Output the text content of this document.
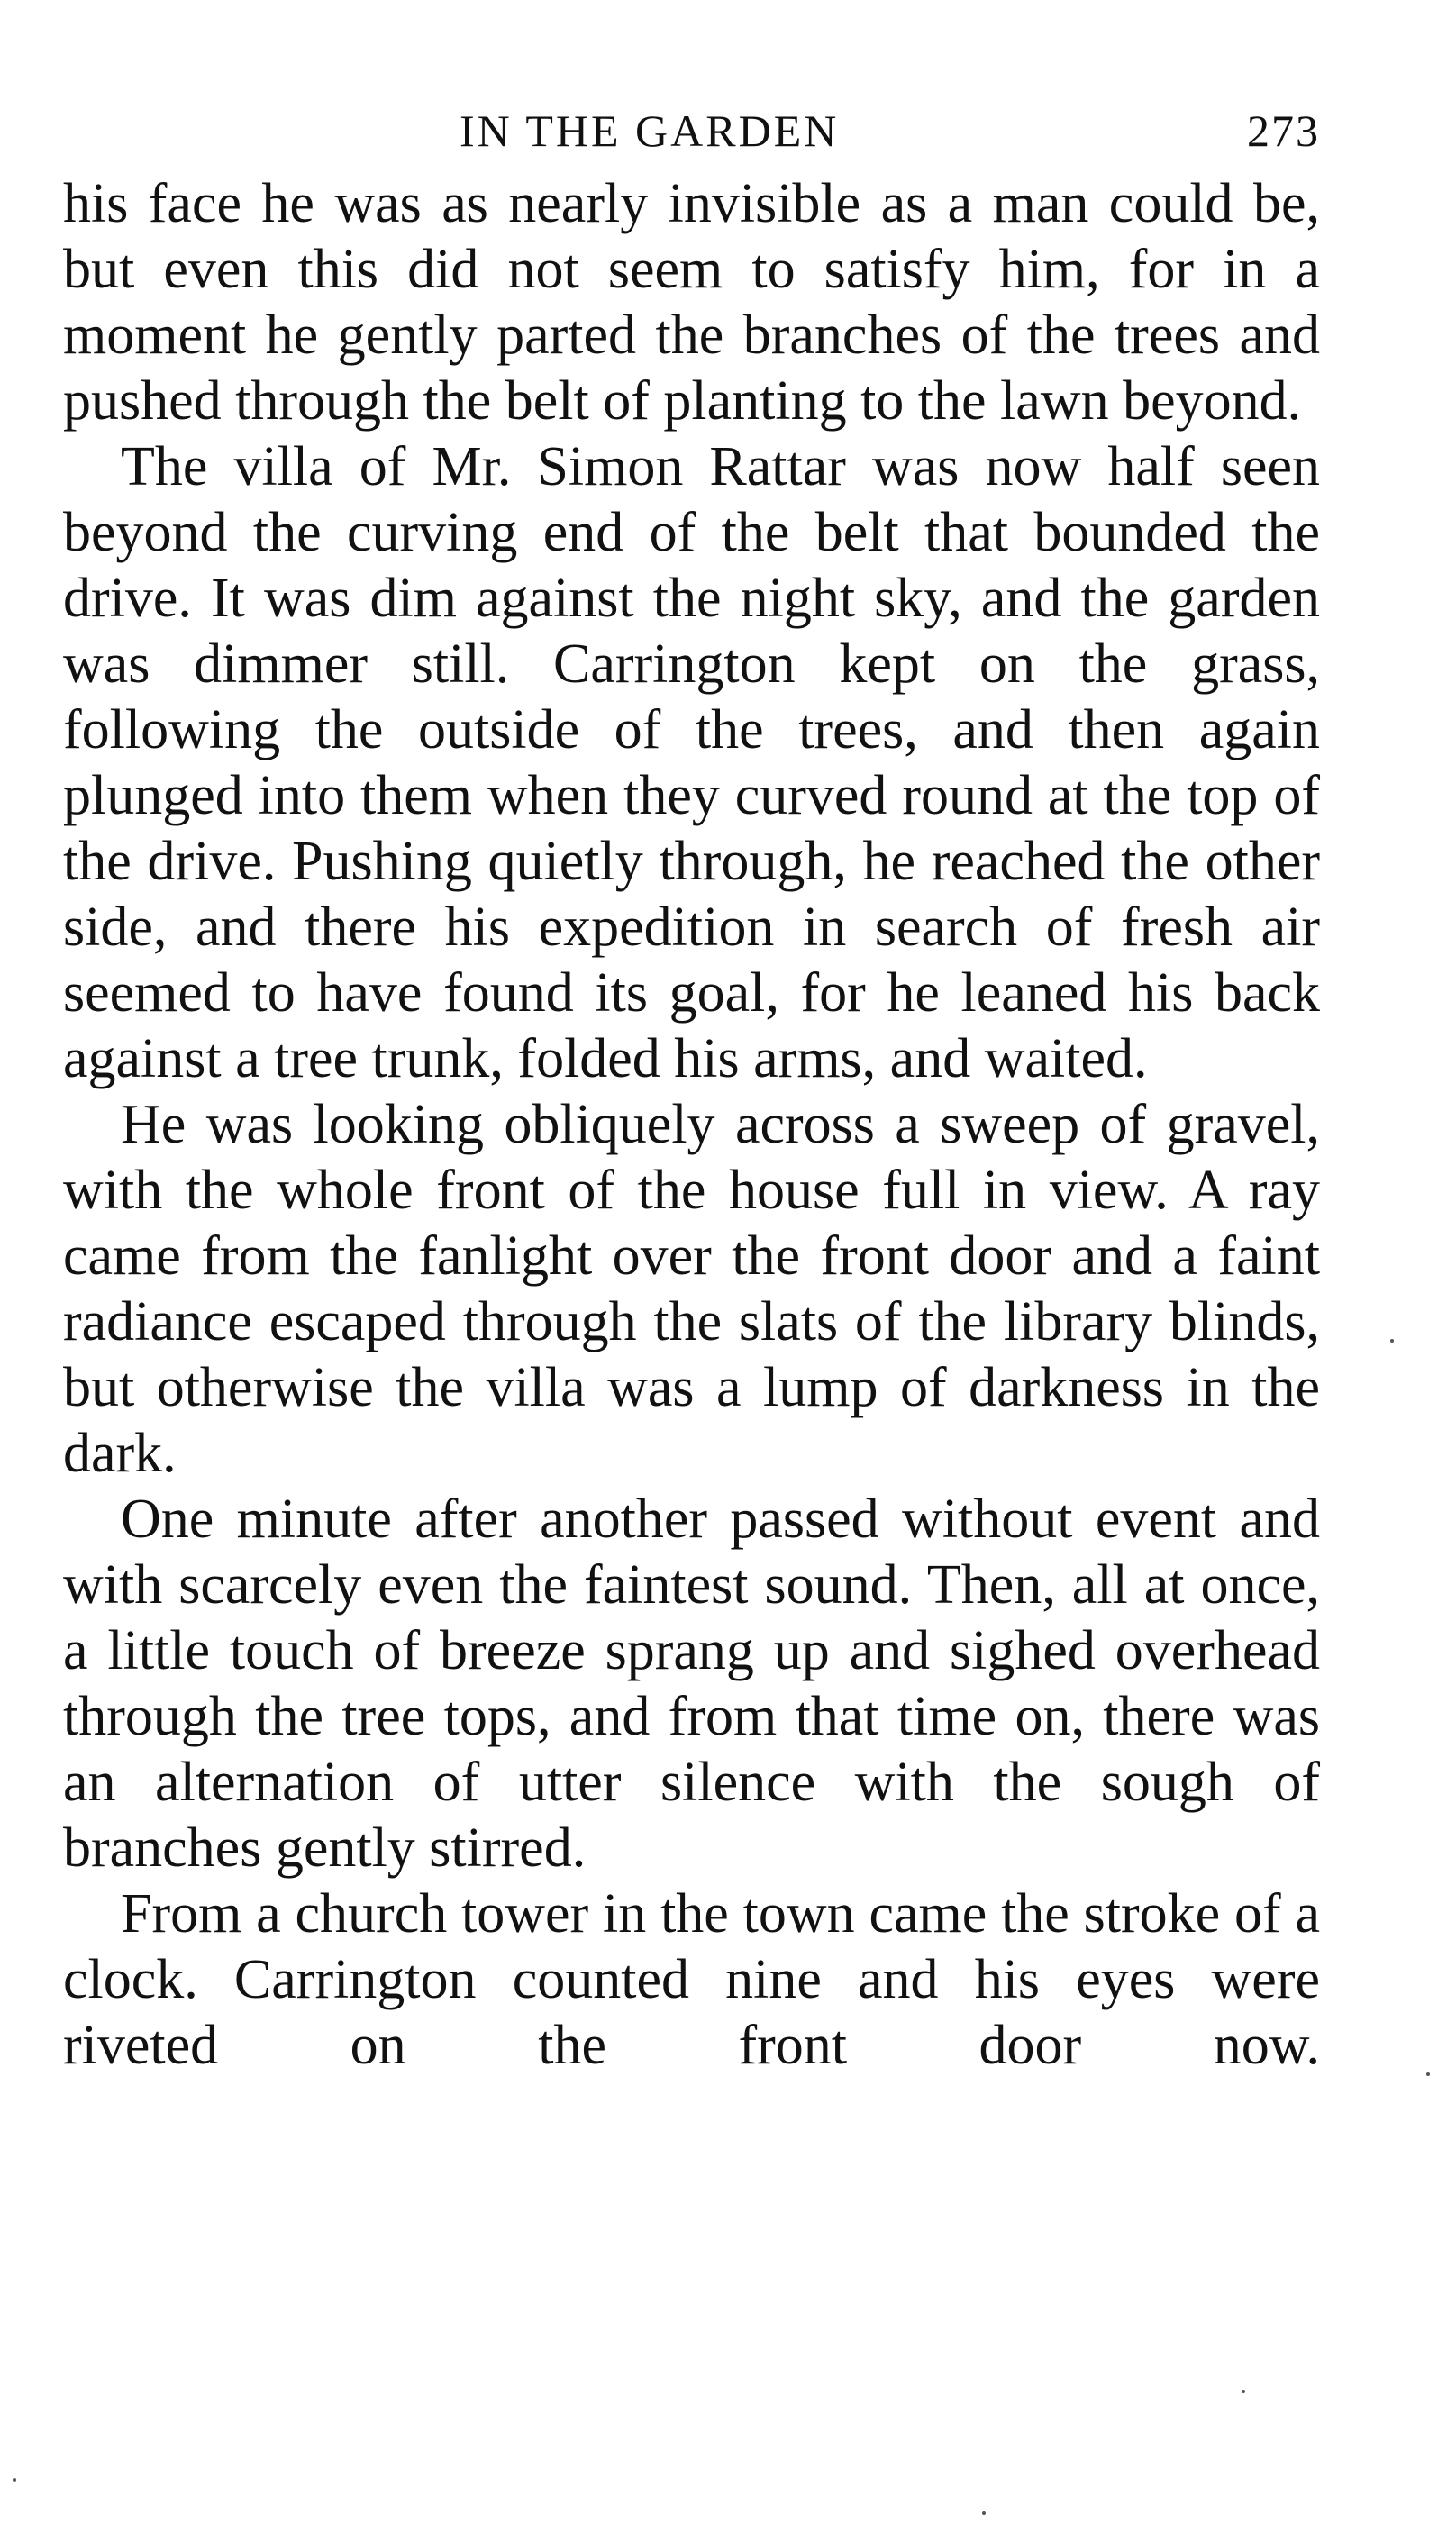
IN THE GARDEN	273

his face he was as nearly invisible as a man could be, but even this did not seem to satisfy him, for in a moment he gently parted the branches of the trees and pushed through the belt of planting to the lawn beyond.

The villa of Mr. Simon Rattar was now half seen beyond the curving end of the belt that bounded the drive. It was dim against the night sky, and the garden was dimmer still. Carrington kept on the grass, following the outside of the trees, and then again plunged into them when they curved round at the top of the drive. Pushing quietly through, he reached the other side, and there his expedition in search of fresh air seemed to have found its goal, for he leaned his back against a tree trunk, folded his arms, and waited.

He was looking obliquely across a sweep of gravel, with the whole front of the house full in view. A ray came from the fanlight over the front door and a faint radiance escaped through the slats of the library blinds, but otherwise the villa was a lump of darkness in the dark.

One minute after another passed without event and with scarcely even the faintest sound. Then, all at once, a little touch of breeze sprang up and sighed overhead through the tree tops, and from that time on, there was an alternation of utter silence with the sough of branches gently stirred.

From a church tower in the town came the stroke of a clock. Carrington counted nine and his eyes were riveted on the front door now.
